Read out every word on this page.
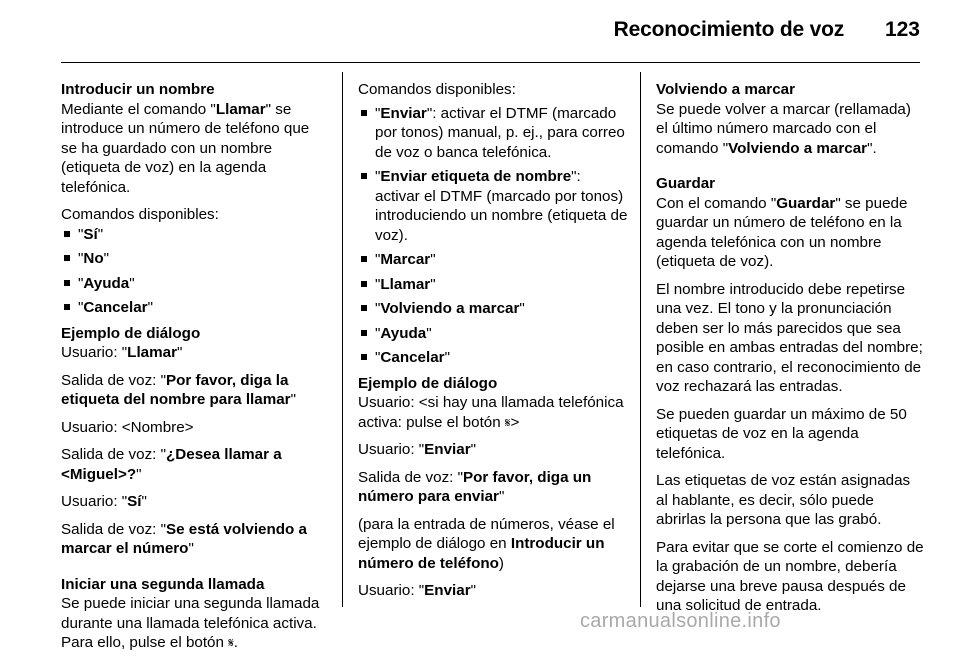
Reconocimiento de voz 123

Introducir un nombre

Mediante el comando "Llamar" se introduce un número de teléfono que se ha guardado con un nombre (etiqueta de voz) en la agenda telefónica.

Comandos disponibles:

"Sí"
"No"
"Ayuda"
"Cancelar"

Ejemplo de diálogo

Usuario: "Llamar"

Salida de voz: "Por favor, diga la etiqueta del nombre para llamar"

Usuario: <Nombre>

Salida de voz: "¿Desea llamar a <Miguel>?"

Usuario: "Sí"

Salida de voz: "Se está volviendo a marcar el número"

Iniciar una segunda llamada

Se puede iniciar una segunda llamada durante una llamada telefónica activa. Para ello, pulse el botón 𝄋.

Comandos disponibles:

"Enviar": activar el DTMF (marcado por tonos) manual, p. ej., para correo de voz o banca telefónica.
"Enviar etiqueta de nombre": activar el DTMF (marcado por tonos) introduciendo un nombre (etiqueta de voz).
"Marcar"
"Llamar"
"Volviendo a marcar"
"Ayuda"
"Cancelar"

Ejemplo de diálogo

Usuario: <si hay una llamada telefónica activa: pulse el botón 𝄋>

Usuario: "Enviar"

Salida de voz: "Por favor, diga un número para enviar"

(para la entrada de números, véase el ejemplo de diálogo en Introducir un número de teléfono)

Usuario: "Enviar"

Volviendo a marcar

Se puede volver a marcar (rellamada) el último número marcado con el comando "Volviendo a marcar".

Guardar

Con el comando "Guardar" se puede guardar un número de teléfono en la agenda telefónica con un nombre (etiqueta de voz).

El nombre introducido debe repetirse una vez. El tono y la pronunciación deben ser lo más parecidos que sea posible en ambas entradas del nombre; en caso contrario, el reconocimiento de voz rechazará las entradas.

Se pueden guardar un máximo de 50 etiquetas de voz en la agenda telefónica.

Las etiquetas de voz están asignadas al hablante, es decir, sólo puede abrirlas la persona que las grabó.

Para evitar que se corte el comienzo de la grabación de un nombre, debería dejarse una breve pausa después de una solicitud de entrada.

carmanualsonline.info
